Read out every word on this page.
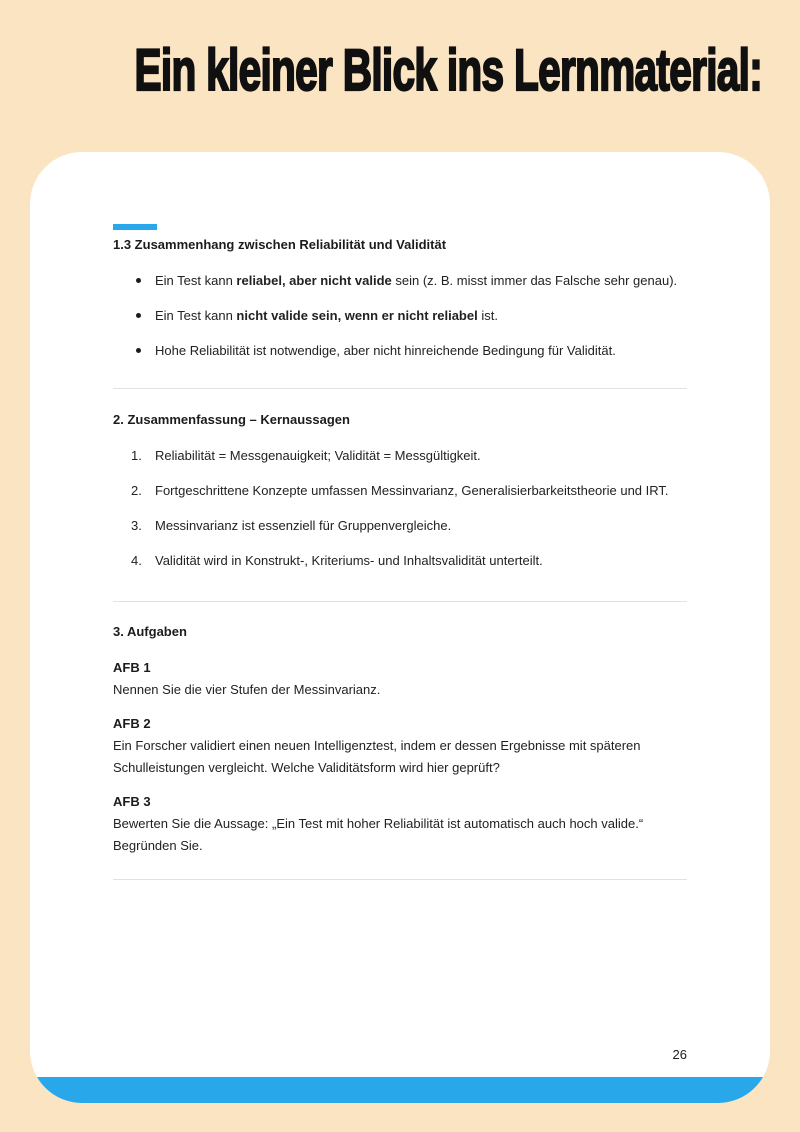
Ein kleiner Blick ins Lernmaterial:
1.3 Zusammenhang zwischen Reliabilität und Validität
Ein Test kann reliabel, aber nicht valide sein (z. B. misst immer das Falsche sehr genau).
Ein Test kann nicht valide sein, wenn er nicht reliabel ist.
Hohe Reliabilität ist notwendige, aber nicht hinreichende Bedingung für Validität.
2. Zusammenfassung – Kernaussagen
1. Reliabilität = Messgenauigkeit; Validität = Messgültigkeit.
2. Fortgeschrittene Konzepte umfassen Messinvarianz, Generalisierbarkeitstheorie und IRT.
3. Messinvarianz ist essenziell für Gruppenvergleiche.
4. Validität wird in Konstrukt-, Kriteriums- und Inhaltsvalidität unterteilt.
3. Aufgaben
AFB 1
Nennen Sie die vier Stufen der Messinvarianz.
AFB 2
Ein Forscher validiert einen neuen Intelligenztest, indem er dessen Ergebnisse mit späteren Schulleistungen vergleicht. Welche Validitätsform wird hier geprüft?
AFB 3
Bewerten Sie die Aussage: „Ein Test mit hoher Reliabilität ist automatisch auch hoch valide.“ Begründen Sie.
26
